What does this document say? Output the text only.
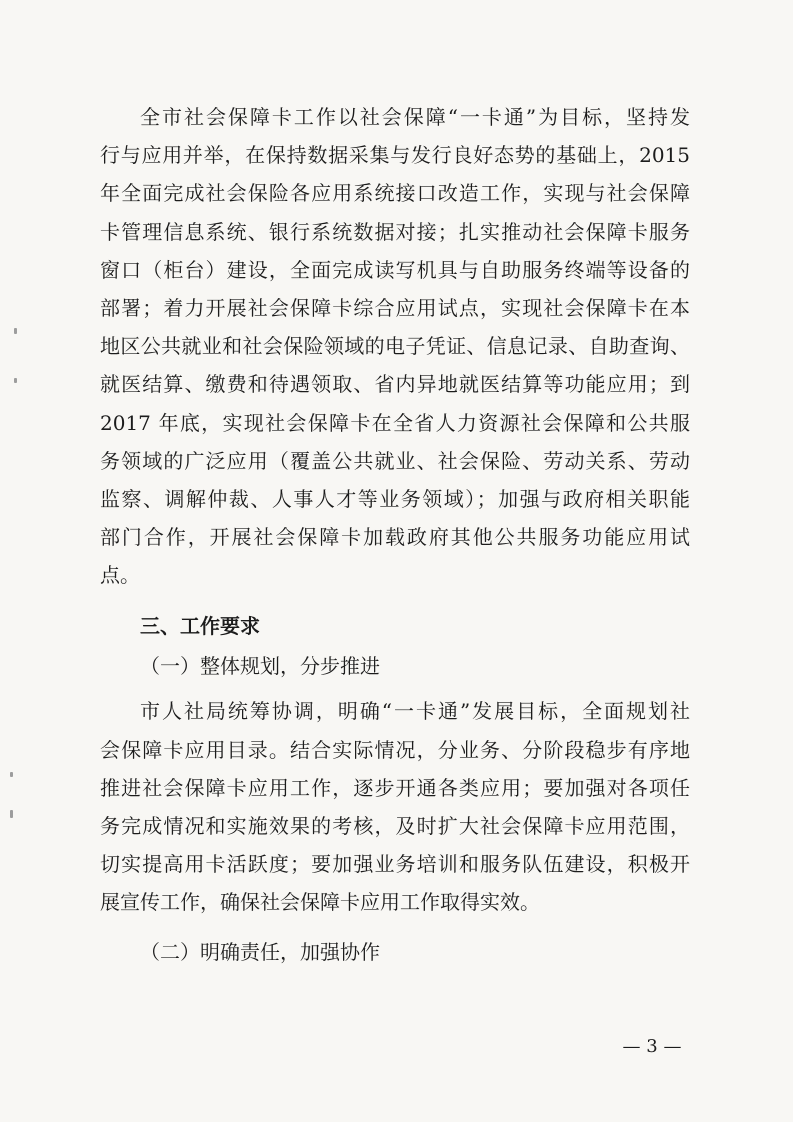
全市社会保障卡工作以社会保障“一卡通”为目标，坚持发
行与应用并举，在保持数据采集与发行良好态势的基础上，2015
年全面完成社会保险各应用系统接口改造工作，实现与社会保障
卡管理信息系统、银行系统数据对接；扎实推动社会保障卡服务
窗口（柜台）建设，全面完成读写机具与自助服务终端等设备的
部署；着力开展社会保障卡综合应用试点，实现社会保障卡在本
地区公共就业和社会保险领域的电子凭证、信息记录、自助查询、
就医结算、缴费和待遇领取、省内异地就医结算等功能应用；到
2017 年底，实现社会保障卡在全省人力资源社会保障和公共服
务领域的广泛应用（覆盖公共就业、社会保险、劳动关系、劳动
监察、调解仲裁、人事人才等业务领域）；加强与政府相关职能
部门合作，开展社会保障卡加载政府其他公共服务功能应用试
点。
三、工作要求
（一）整体规划，分步推进
市人社局统筹协调，明确“一卡通”发展目标，全面规划社
会保障卡应用目录。结合实际情况，分业务、分阶段稳步有序地
推进社会保障卡应用工作，逐步开通各类应用；要加强对各项任
务完成情况和实施效果的考核，及时扩大社会保障卡应用范围，
切实提高用卡活跃度；要加强业务培训和服务队伍建设，积极开
展宣传工作，确保社会保障卡应用工作取得实效。
（二）明确责任，加强协作
— 3 —
